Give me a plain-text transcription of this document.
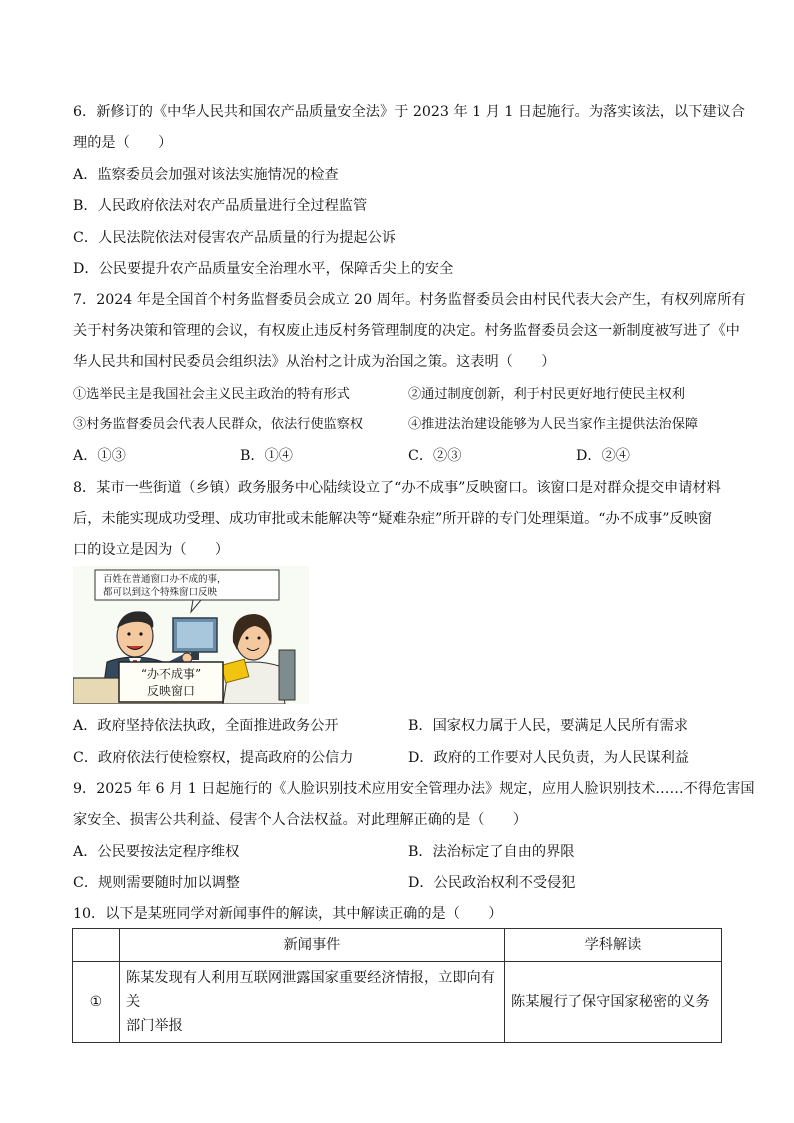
6．新修订的《中华人民共和国农产品质量安全法》于 2023 年 1 月 1 日起施行。为落实该法，以下建议合
理的是（　　）
A．监察委员会加强对该法实施情况的检查
B．人民政府依法对农产品质量进行全过程监管
C．人民法院依法对侵害农产品质量的行为提起公诉
D．公民要提升农产品质量安全治理水平，保障舌尖上的安全
7．2024 年是全国首个村务监督委员会成立 20 周年。村务监督委员会由村民代表大会产生，有权列席所有
关于村务决策和管理的会议，有权废止违反村务管理制度的决定。村务监督委员会这一新制度被写进了《中
华人民共和国村民委员会组织法》从治村之计成为治国之策。这表明（　　）
①选举民主是我国社会主义民主政治的特有形式	②通过制度创新，利于村民更好地行使民主权利
③村务监督委员会代表人民群众，依法行使监察权	④推进法治建设能够为人民当家作主提供法治保障
A．①③	B．①④	C．②③	D．②④
8．某市一些街道（乡镇）政务服务中心陆续设立了“办不成事”反映窗口。该窗口是对群众提交申请材料
后，未能实现成功受理、成功审批或未能解决等“疑难杂症”所开辟的专门处理渠道。“办不成事”反映窗
口的设立是因为（　　）
百姓在普通窗口办不成的事，
都可以到这个特殊窗口反映
“办不成事”
反映窗口
A．政府坚持依法执政，全面推进政务公开	B．国家权力属于人民，要满足人民所有需求
C．政府依法行使检察权，提高政府的公信力	D．政府的工作要对人民负责，为人民谋利益
9．2025 年 6 月 1 日起施行的《人脸识别技术应用安全管理办法》规定，应用人脸识别技术……不得危害国
家安全、损害公共利益、侵害个人合法权益。对此理解正确的是（　　）
A．公民要按法定程序维权	B．法治标定了自由的界限
C．规则需要随时加以调整	D．公民政治权利不受侵犯
10．以下是某班同学对新闻事件的解读，其中解读正确的是（　　）
	新闻事件	学科解读
①	陈某发现有人利用互联网泄露国家重要经济情报，立即向有关
部门举报	陈某履行了保守国家秘密的义务
